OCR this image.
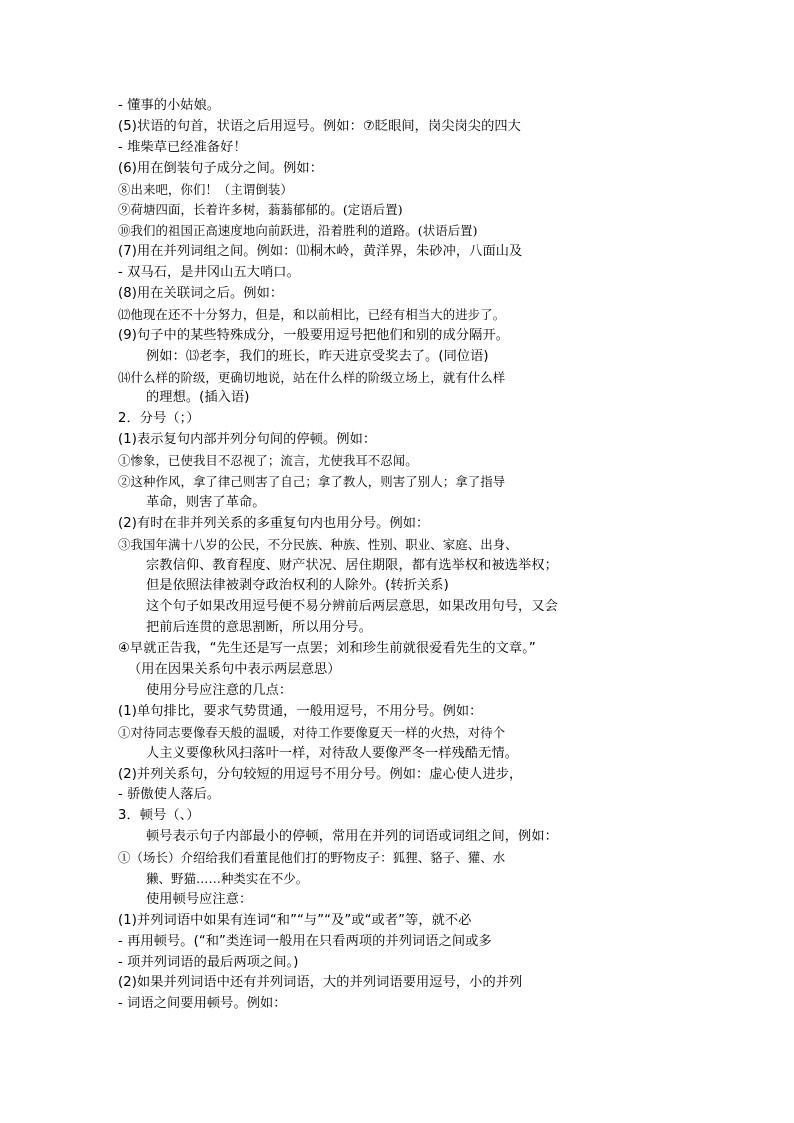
- 懂事的小姑娘。
(5)状语的句首，状语之后用逗号。例如：⑦眨眼间，岗尖岗尖的四大
- 堆柴草已经准备好！
(6)用在倒装句子成分之间。例如：
⑧出来吧，你们！（主谓倒装）
⑨荷塘四面，长着许多树，蓊蓊郁郁的。(定语后置)
⑩我们的祖国正高速度地向前跃进，沿着胜利的道路。(状语后置)
(7)用在并列词组之间。例如：⑾桐木岭，黄洋界，朱砂冲，八面山及
- 双马石，是井冈山五大哨口。
(8)用在关联词之后。例如：
⑿他现在还不十分努力，但是，和以前相比，已经有相当大的进步了。
(9)句子中的某些特殊成分，一般要用逗号把他们和别的成分隔开。
例如：⒀老李，我们的班长，昨天进京受奖去了。(同位语)
⒁什么样的阶级，更确切地说，站在什么样的阶级立场上，就有什么样
的理想。(插入语)
2．分号（；）
(1)表示复句内部并列分句间的停顿。例如：
①惨象，已使我目不忍视了；流言，尤使我耳不忍闻。
②这种作风，拿了律己则害了自己；拿了教人，则害了别人；拿了指导
革命，则害了革命。
(2)有时在非并列关系的多重复句内也用分号。例如：
③我国年满十八岁的公民，不分民族、种族、性别、职业、家庭、出身、
宗教信仰、教育程度、财产状况、居住期限，都有选举权和被选举权；
但是依照法律被剥夺政治权利的人除外。(转折关系)
这个句子如果改用逗号便不易分辨前后两层意思，如果改用句号，又会
把前后连贯的意思割断，所以用分号。
④早就正告我，“先生还是写一点罢；刘和珍生前就很爱看先生的文章。”
（用在因果关系句中表示两层意思）
使用分号应注意的几点：
(1)单句排比，要求气势贯通，一般用逗号，不用分号。例如：
①对待同志要像春天般的温暖，对待工作要像夏天一样的火热，对待个
人主义要像秋风扫落叶一样，对待敌人要像严冬一样残酷无情。
(2)并列关系句，分句较短的用逗号不用分号。例如：虚心使人进步，
- 骄傲使人落后。
3．顿号（、）
顿号表示句子内部最小的停顿，常用在并列的词语或词组之间，例如：
①（场长）介绍给我们看董昆他们打的野物皮子：狐狸、貉子、獾、水
獭、野猫……种类实在不少。
使用顿号应注意：
(1)并列词语中如果有连词“和”“与”“及”或“或者”等，就不必
- 再用顿号。(“和”类连词一般用在只看两项的并列词语之间或多
- 项并列词语的最后两项之间。)
(2)如果并列词语中还有并列词语，大的并列词语要用逗号，小的并列
- 词语之间要用顿号。例如：
